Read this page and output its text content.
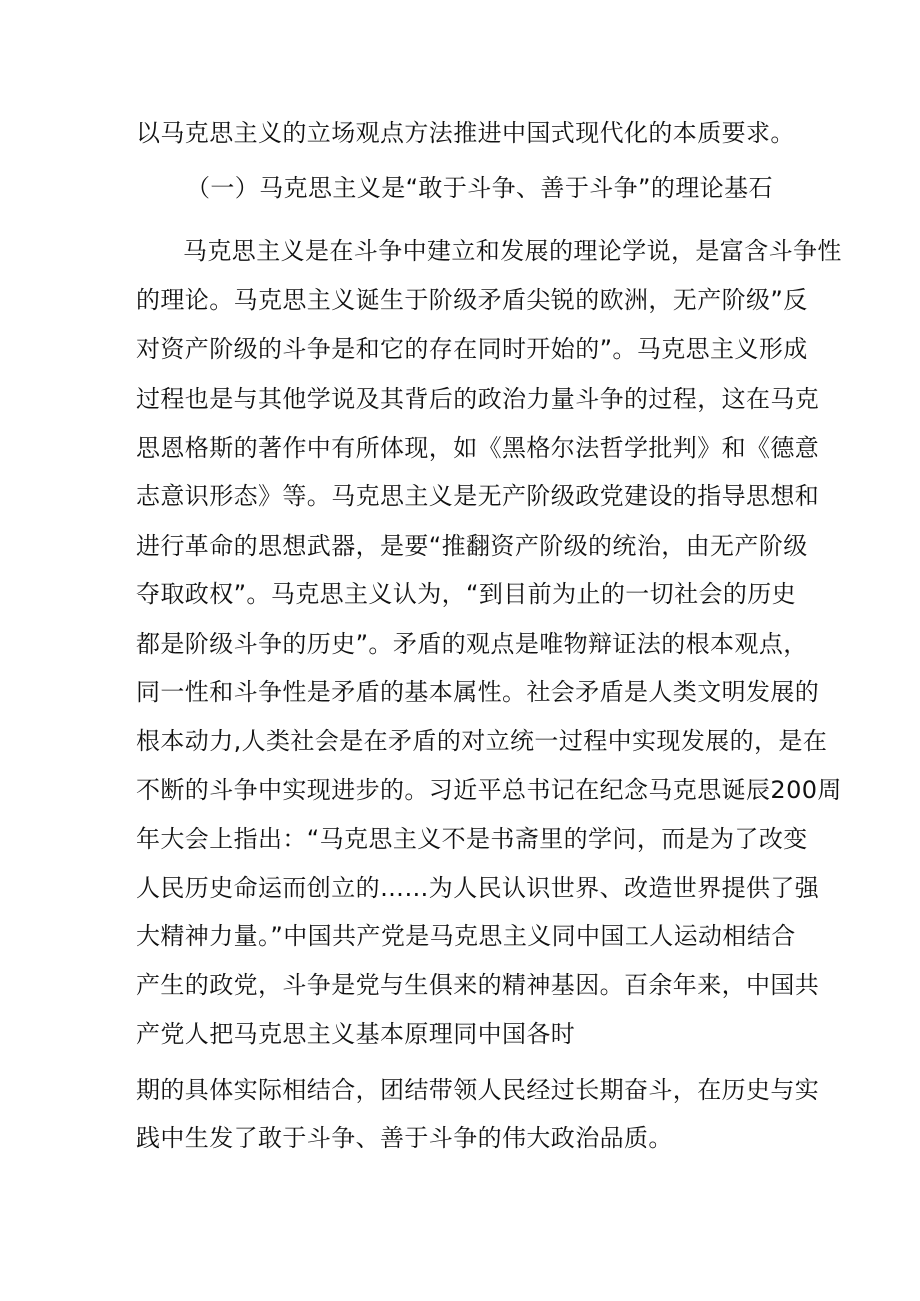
以马克思主义的立场观点方法推进中国式现代化的本质要求。
（一）马克思主义是“敢于斗争、善于斗争”的理论基石
马克思主义是在斗争中建立和发展的理论学说，是富含斗争性
的理论。马克思主义诞生于阶级矛盾尖锐的欧洲，无产阶级”反
对资产阶级的斗争是和它的存在同时开始的”。马克思主义形成
过程也是与其他学说及其背后的政治力量斗争的过程，这在马克
思恩格斯的著作中有所体现，如《黑格尔法哲学批判》和《德意
志意识形态》等。马克思主义是无产阶级政党建设的指导思想和
进行革命的思想武器，是要“推翻资产阶级的统治，由无产阶级
夺取政权”。马克思主义认为，“到目前为止的一切社会的历史
都是阶级斗争的历史”。矛盾的观点是唯物辩证法的根本观点，
同一性和斗争性是矛盾的基本属性。社会矛盾是人类文明发展的
根本动力,人类社会是在矛盾的对立统一过程中实现发展的，是在
不断的斗争中实现进步的。习近平总书记在纪念马克思诞辰200周
年大会上指出：“马克思主义不是书斋里的学问，而是为了改变
人民历史命运而创立的……为人民认识世界、改造世界提供了强
大精神力量。”中国共产党是马克思主义同中国工人运动相结合
产生的政党，斗争是党与生俱来的精神基因。百余年来，中国共
产党人把马克思主义基本原理同中国各时
期的具体实际相结合，团结带领人民经过长期奋斗，在历史与实
践中生发了敢于斗争、善于斗争的伟大政治品质。
